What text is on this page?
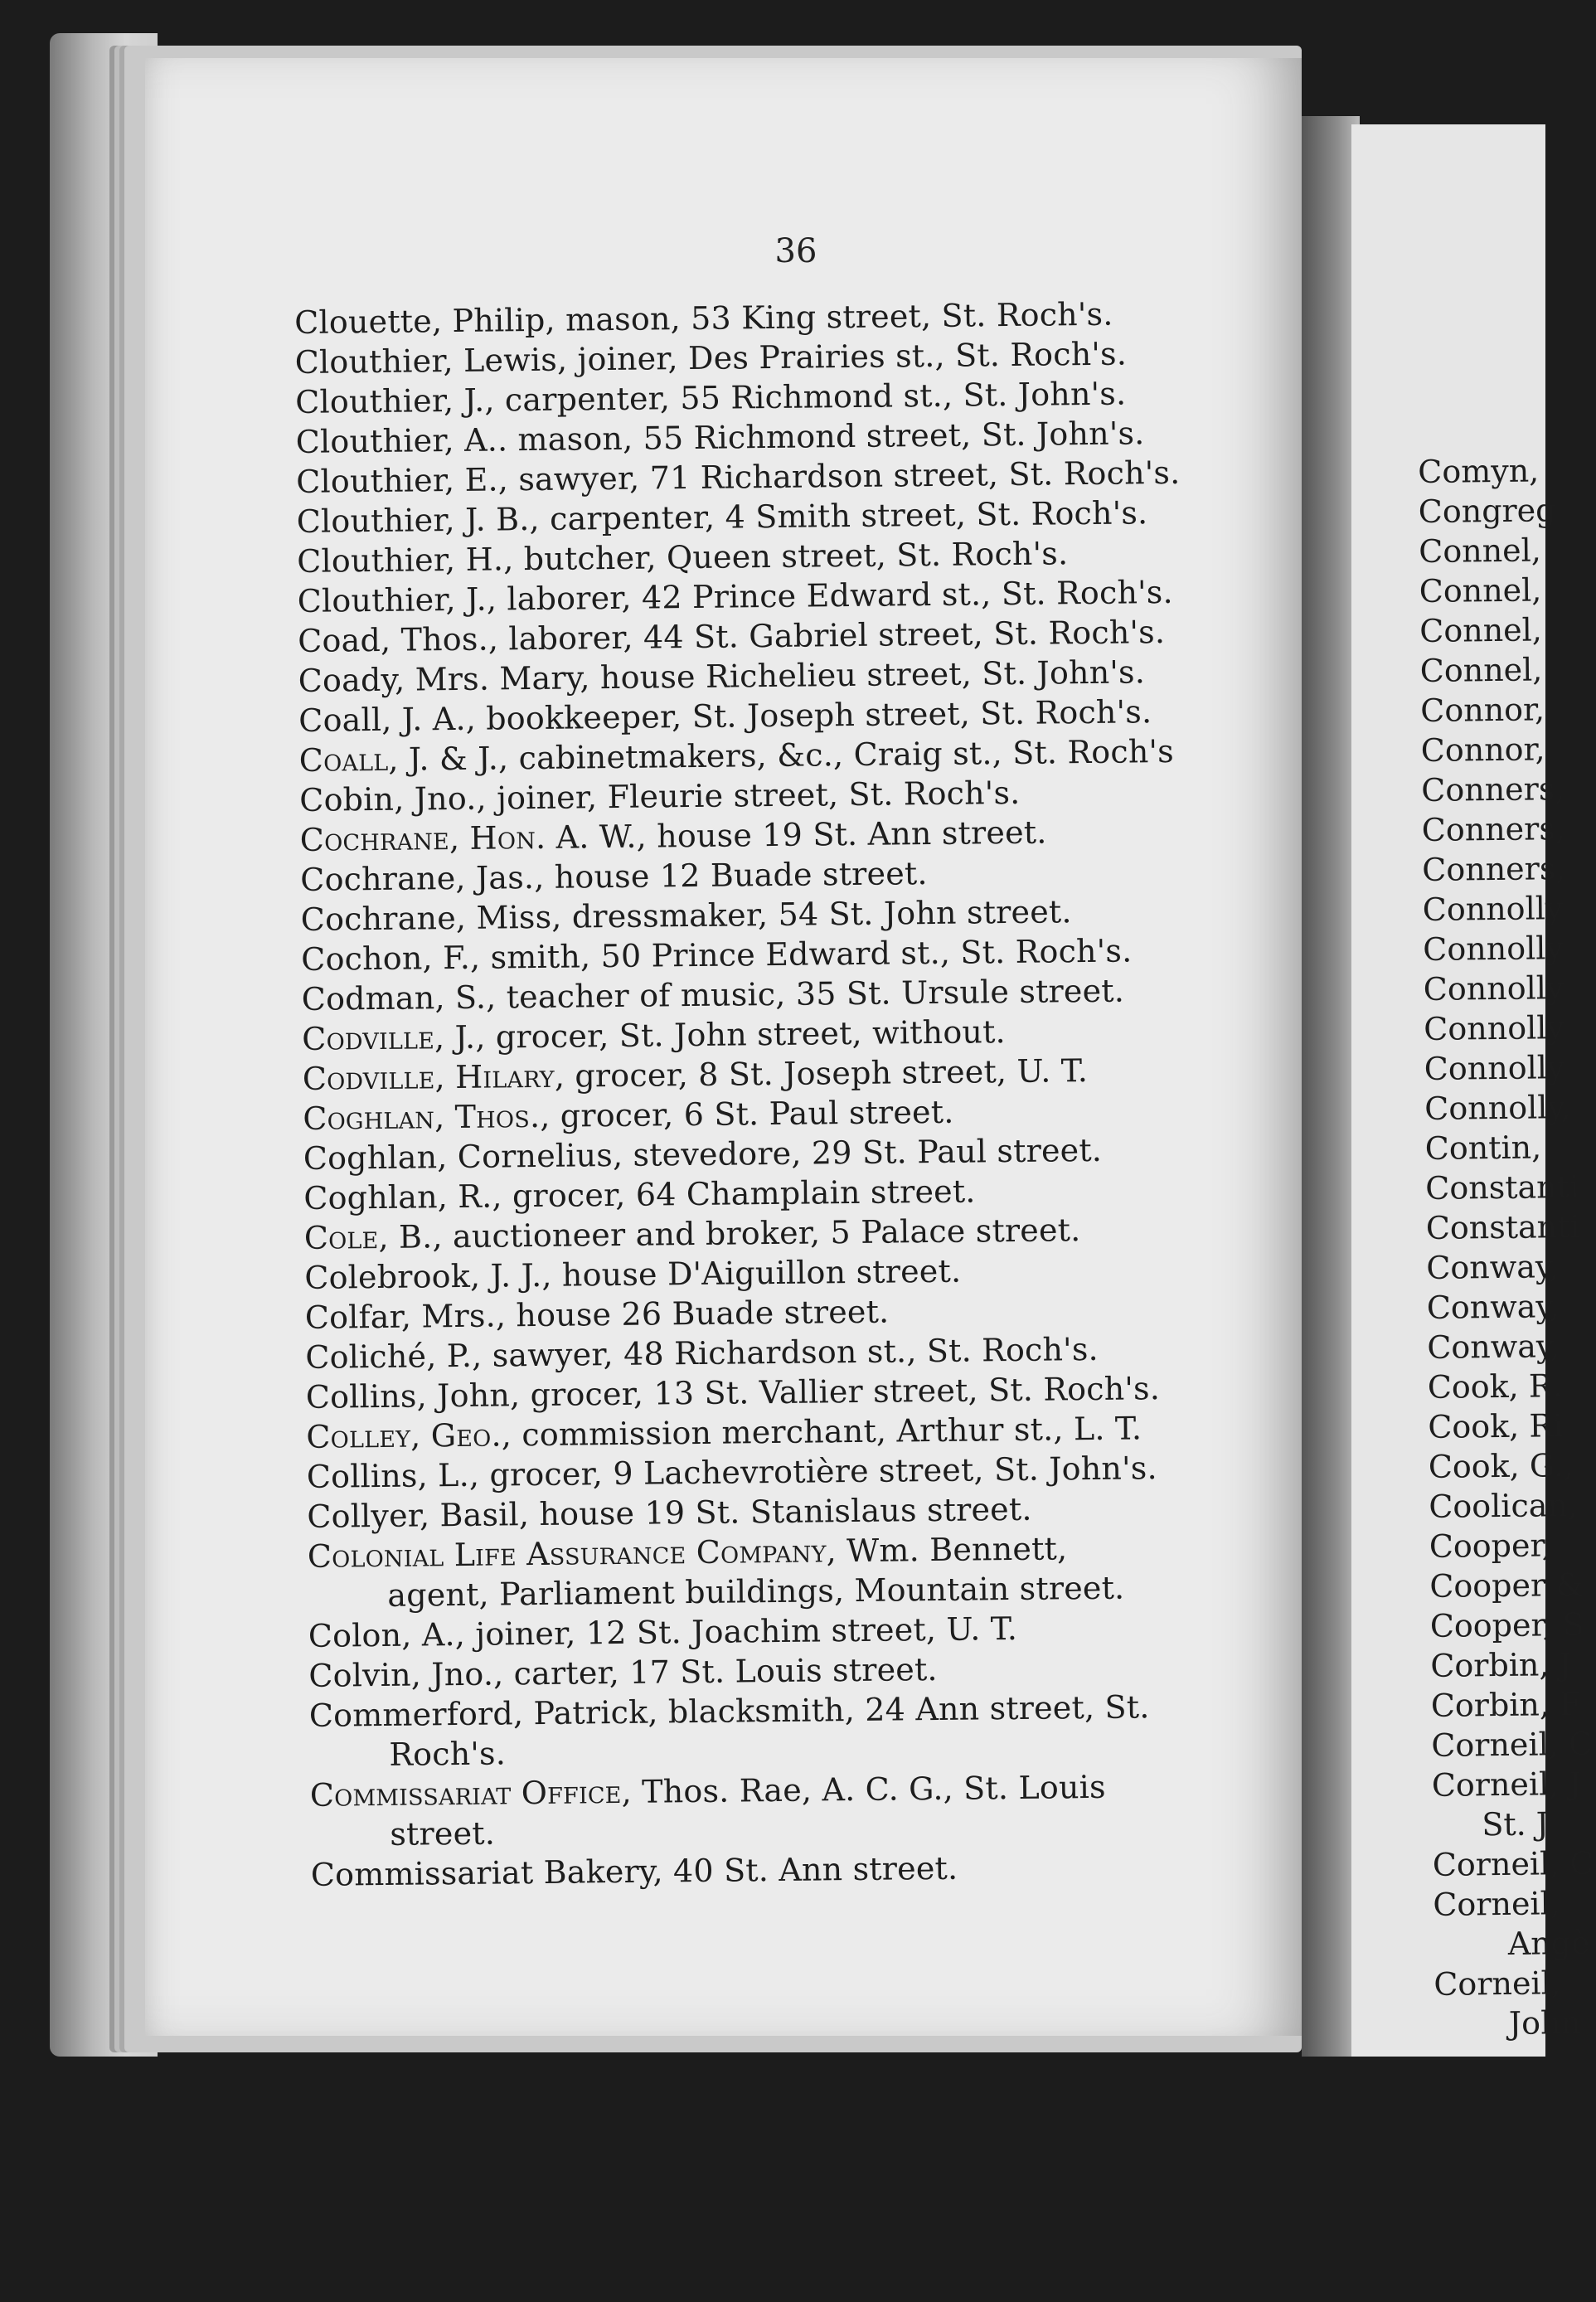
Comyn,
Congreg
Connel,
Connel,
Connel,
Connel,
Connor,
Connor,
Conners,
Conners,
Conners,
Connolly
Connolly
Connolly
Connolly
Connolly
Connolly,
Contin,
Constanti
Constanti
Conway,
Conway,
Conway,
Cook, R.
Cook, Ri
Cook, G.,
Coolican,
Cooper,
Cooper &
Cooper, S
Corbin, J
Corbin, F
Corneil, C
Corneil, J
St. J
Corneil, C
Corneil,
Angè
Corneil,
John
36
Clouette, Philip, mason, 53 King street, St. Roch's.
Clouthier, Lewis, joiner, Des Prairies st., St. Roch's.
Clouthier, J., carpenter, 55 Richmond st., St. John's.
Clouthier, A.. mason, 55 Richmond street, St. John's.
Clouthier, E., sawyer, 71 Richardson street, St. Roch's.
Clouthier, J. B., carpenter, 4 Smith street, St. Roch's.
Clouthier, H., butcher, Queen street, St. Roch's.
Clouthier, J., laborer, 42 Prince Edward st., St. Roch's.
Coad, Thos., laborer, 44 St. Gabriel street, St. Roch's.
Coady, Mrs. Mary, house Richelieu street, St. John's.
Coall, J. A., bookkeeper, St. Joseph street, St. Roch's.
Coall, J. & J., cabinetmakers, &c., Craig st., St. Roch's
Cobin, Jno., joiner, Fleurie street, St. Roch's.
Cochrane, Hon. A. W., house 19 St. Ann street.
Cochrane, Jas., house 12 Buade street.
Cochrane, Miss, dressmaker, 54 St. John street.
Cochon, F., smith, 50 Prince Edward st., St. Roch's.
Codman, S., teacher of music, 35 St. Ursule street.
Codville, J., grocer, St. John street, without.
Codville, Hilary, grocer, 8 St. Joseph street, U. T.
Coghlan, Thos., grocer, 6 St. Paul street.
Coghlan, Cornelius, stevedore, 29 St. Paul street.
Coghlan, R., grocer, 64 Champlain street.
Cole, B., auctioneer and broker, 5 Palace street.
Colebrook, J. J., house D'Aiguillon street.
Colfar, Mrs., house 26 Buade street.
Coliché, P., sawyer, 48 Richardson st., St. Roch's.
Collins, John, grocer, 13 St. Vallier street, St. Roch's.
Colley, Geo., commission merchant, Arthur st., L. T.
Collins, L., grocer, 9 Lachevrotière street, St. John's.
Collyer, Basil, house 19 St. Stanislaus street.
Colonial Life Assurance Company, Wm. Bennett,
agent, Parliament buildings, Mountain street.
Colon, A., joiner, 12 St. Joachim street, U. T.
Colvin, Jno., carter, 17 St. Louis street.
Commerford, Patrick, blacksmith, 24 Ann street, St.
Roch's.
Commissariat Office, Thos. Rae, A. C. G., St. Louis
street.
Commissariat Bakery, 40 St. Ann street.
